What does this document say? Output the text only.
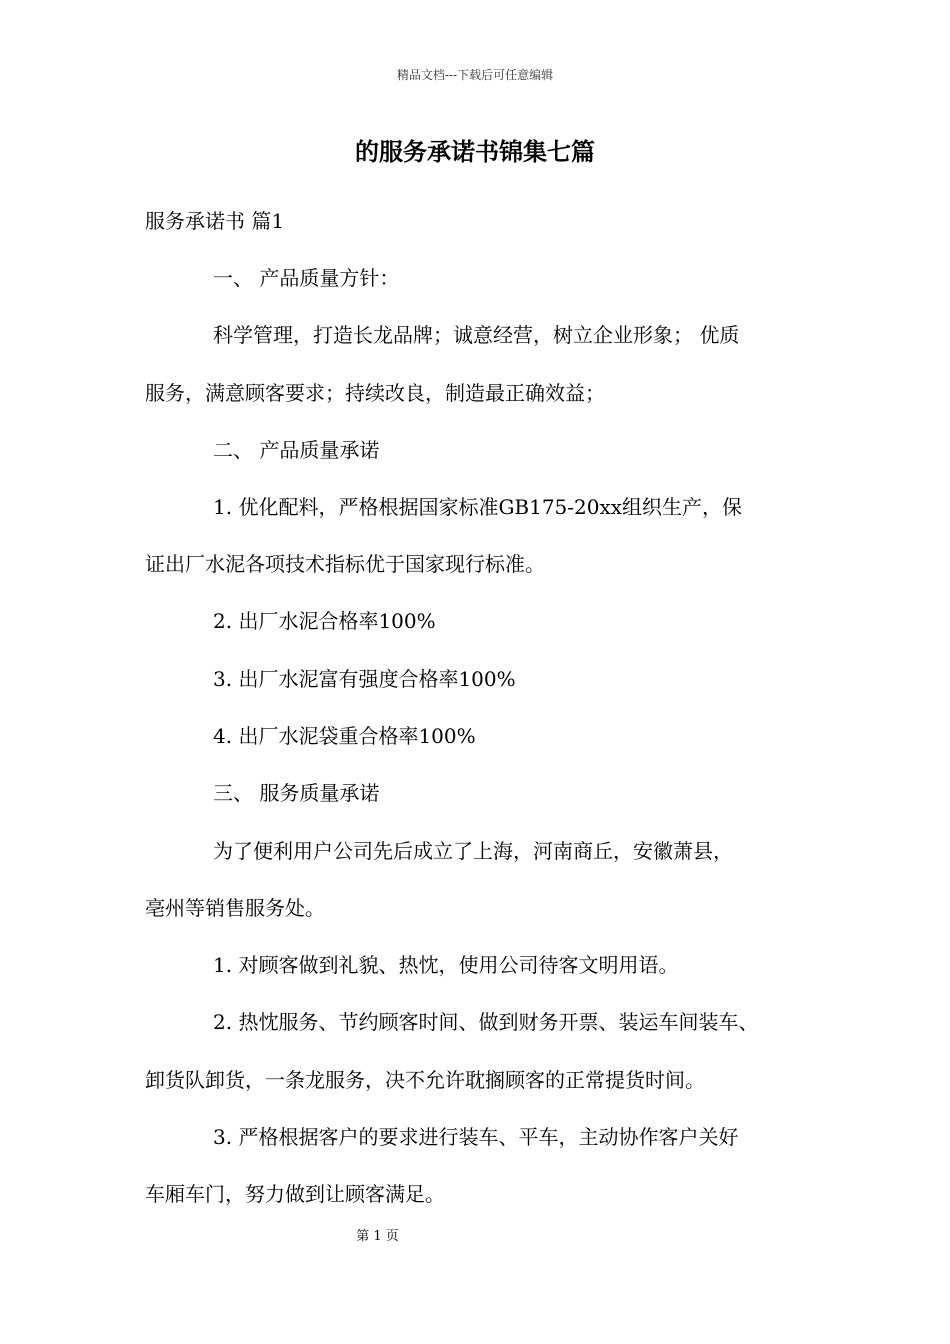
精品文档---下载后可任意编辑
的服务承诺书锦集七篇
服务承诺书 篇1
一、 产品质量方针：
科学管理，打造长龙品牌；诚意经营，树立企业形象； 优质
服务，满意顾客要求；持续改良，制造最正确效益；
二、 产品质量承诺
1. 优化配料，严格根据国家标准GB175-20xx组织生产，保
证出厂水泥各项技术指标优于国家现行标准。
2. 出厂水泥合格率100%
3. 出厂水泥富有强度合格率100%
4. 出厂水泥袋重合格率100%
三、 服务质量承诺
为了便利用户公司先后成立了上海，河南商丘，安徽萧县，
亳州等销售服务处。
1. 对顾客做到礼貌、热忱，使用公司待客文明用语。
2. 热忱服务、节约顾客时间、做到财务开票、装运车间装车、
卸货队卸货，一条龙服务，决不允许耽搁顾客的正常提货时间。
3. 严格根据客户的要求进行装车、平车，主动协作客户关好
车厢车门，努力做到让顾客满足。
第 1 页
